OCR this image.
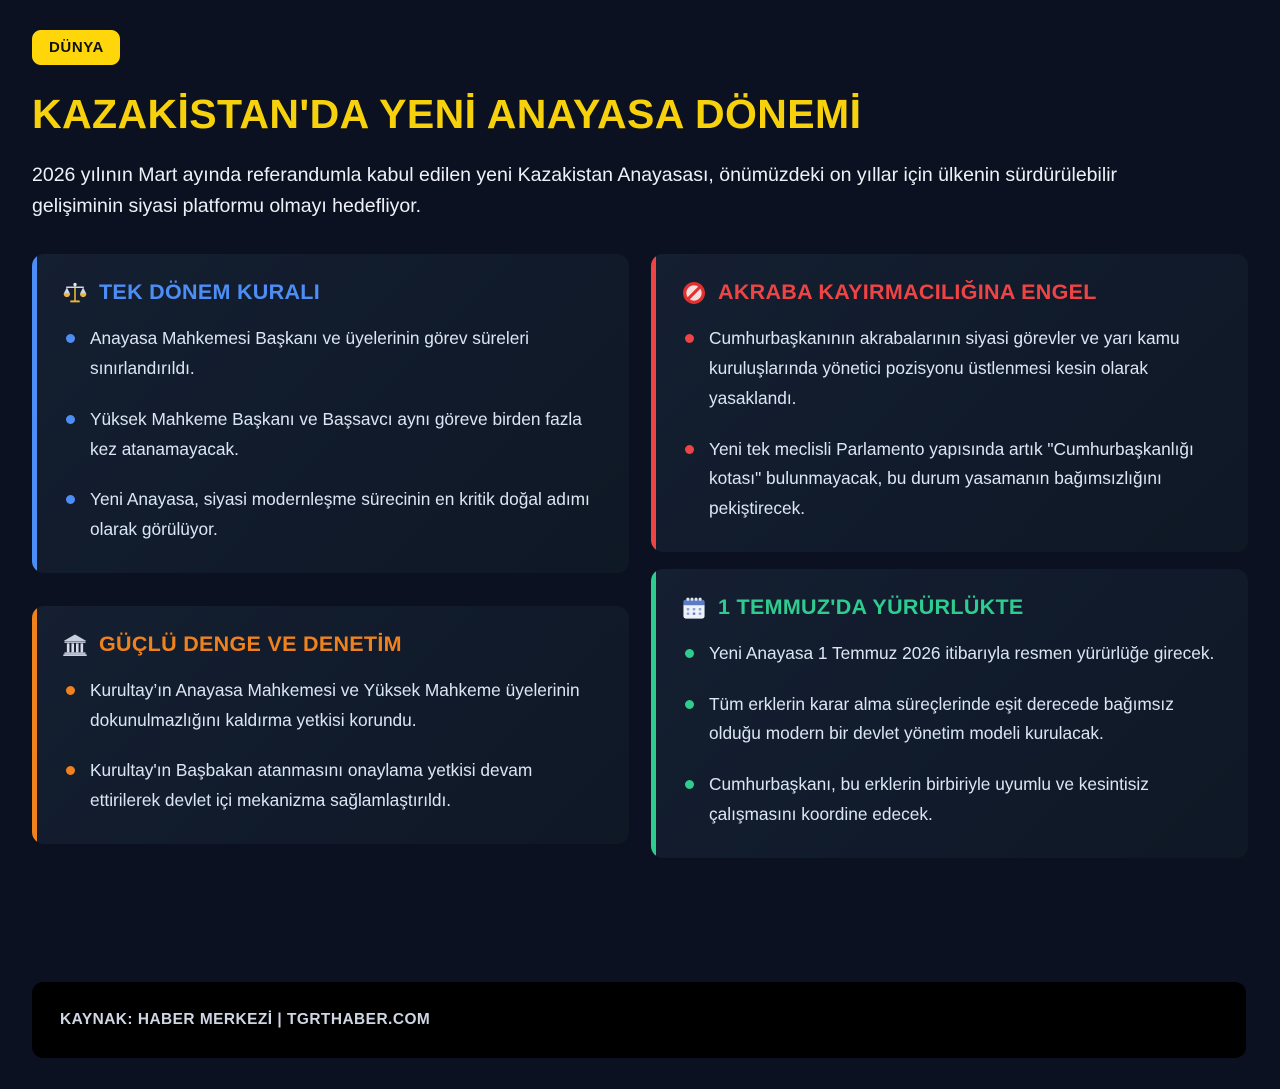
DÜNYA
KAZAKİSTAN'DA YENİ ANAYASA DÖNEMİ

2026 yılının Mart ayında referandumla kabul edilen yeni Kazakistan Anayasası, önümüzdeki on yıllar için ülkenin sürdürülebilir gelişiminin siyasi platformu olmayı hedefliyor.

TEK DÖNEM KURALI
Anayasa Mahkemesi Başkanı ve üyelerinin görev süreleri sınırlandırıldı.
Yüksek Mahkeme Başkanı ve Başsavcı aynı göreve birden fazla kez atanamayacak.
Yeni Anayasa, siyasi modernleşme sürecinin en kritik doğal adımı olarak görülüyor.
GÜÇLÜ DENGE VE DENETİM
Kurultay’ın Anayasa Mahkemesi ve Yüksek Mahkeme üyelerinin dokunulmazlığını kaldırma yetkisi korundu.
Kurultay'ın Başbakan atanmasını onaylama yetkisi devam ettirilerek devlet içi mekanizma sağlamlaştırıldı.
AKRABA KAYIRMACILIĞINA ENGEL
Cumhurbaşkanının akrabalarının siyasi görevler ve yarı kamu kuruluşlarında yönetici pozisyonu üstlenmesi kesin olarak yasaklandı.
Yeni tek meclisli Parlamento yapısında artık "Cumhurbaşkanlığı kotası" bulunmayacak, bu durum yasamanın bağımsızlığını pekiştirecek.
1 TEMMUZ'DA YÜRÜRLÜKTE
Yeni Anayasa 1 Temmuz 2026 itibarıyla resmen yürürlüğe girecek.
Tüm erklerin karar alma süreçlerinde eşit derecede bağımsız olduğu modern bir devlet yönetim modeli kurulacak.
Cumhurbaşkanı, bu erklerin birbiriyle uyumlu ve kesintisiz çalışmasını koordine edecek.
KAYNAK: HABER MERKEZİ | TGRTHABER.COM
